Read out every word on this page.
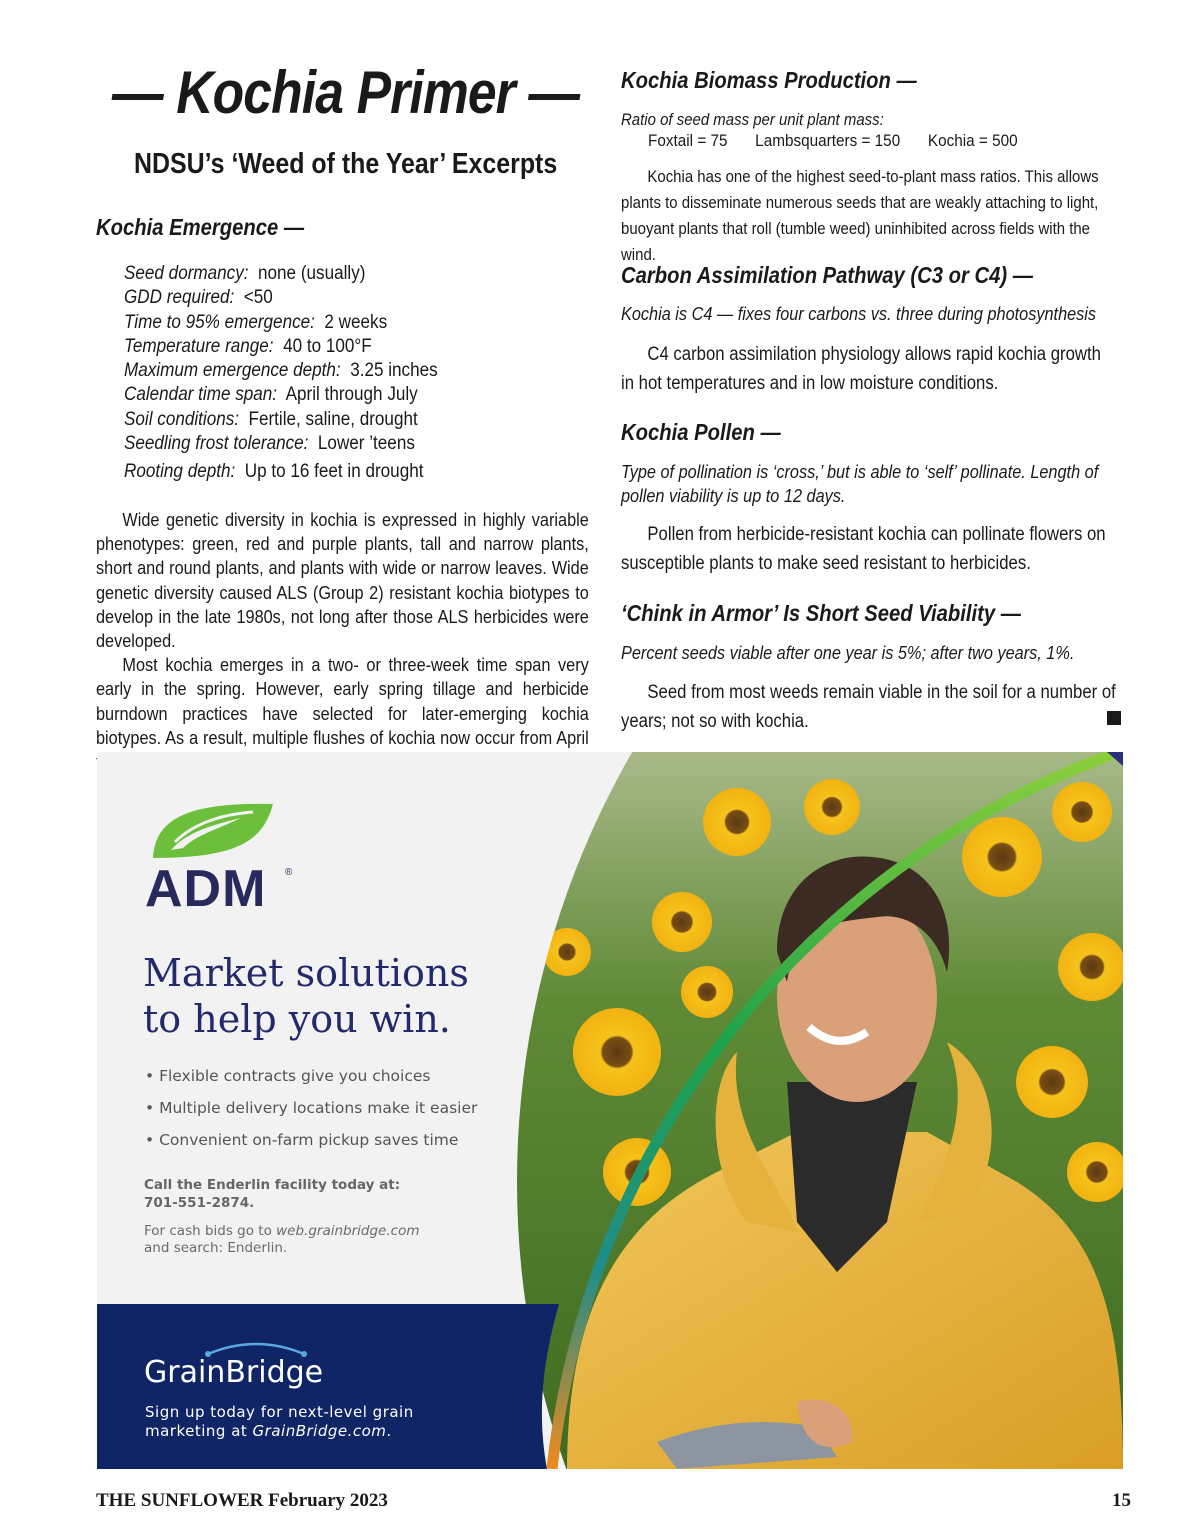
— Kochia Primer —
NDSU’s ‘Weed of the Year’ Excerpts
Kochia Emergence —
Seed dormancy: none (usually)
GDD required: <50
Time to 95% emergence: 2 weeks
Temperature range: 40 to 100°F
Maximum emergence depth: 3.25 inches
Calendar time span: April through July
Soil conditions: Fertile, saline, drought
Seedling frost tolerance: Lower ’teens
Rooting depth: Up to 16 feet in drought

Wide genetic diversity in kochia is expressed in highly variable phenotypes: green, red and purple plants, tall and narrow plants, short and round plants, and plants with wide or narrow leaves. Wide genetic diversity caused ALS (Group 2) resistant kochia biotypes to develop in the late 1980s, not long after those ALS herbicides were developed.

Most kochia emerges in a two- or three-week time span very early in the spring. However, early spring tillage and herbicide burndown practices have selected for later-emerging kochia biotypes. As a result, multiple flushes of kochia now occur from April

Kochia Biomass Production —
Ratio of seed mass per unit plant mass:
Foxtail = 75 Lambsquarters = 150 Kochia = 500

Kochia has one of the highest seed-to-plant mass ratios. This allows plants to disseminate numerous seeds that are weakly attaching to light, buoyant plants that roll (tumble weed) uninhibited across fields with the wind.

Carbon Assimilation Pathway (C3 or C4) —
Kochia is C4 — fixes four carbons vs. three during photosynthesis

C4 carbon assimilation physiology allows rapid kochia growth in hot temperatures and in low moisture conditions.

Kochia Pollen —
Type of pollination is ‘cross,’ but is able to ‘self’ pollinate. Length of pollen viability is up to 12 days.

Pollen from herbicide-resistant kochia can pollinate flowers on susceptible plants to make seed resistant to herbicides.

‘Chink in Armor’ Is Short Seed Viability —
Percent seeds viable after one year is 5%; after two years, 1%.

Seed from most weeds remain viable in the soil for a number of years; not so with kochia.

ADM ®
Market solutions
to help you win.
• Flexible contracts give you choices
• Multiple delivery locations make it easier
• Convenient on-farm pickup saves time
Call the Enderlin facility today at:
701-551-2874.
For cash bids go to web.grainbridge.com
and search: Enderlin.
GrainBridge
Sign up today for next-level grain
marketing at GrainBridge.com.
THE SUNFLOWER February 2023	15
